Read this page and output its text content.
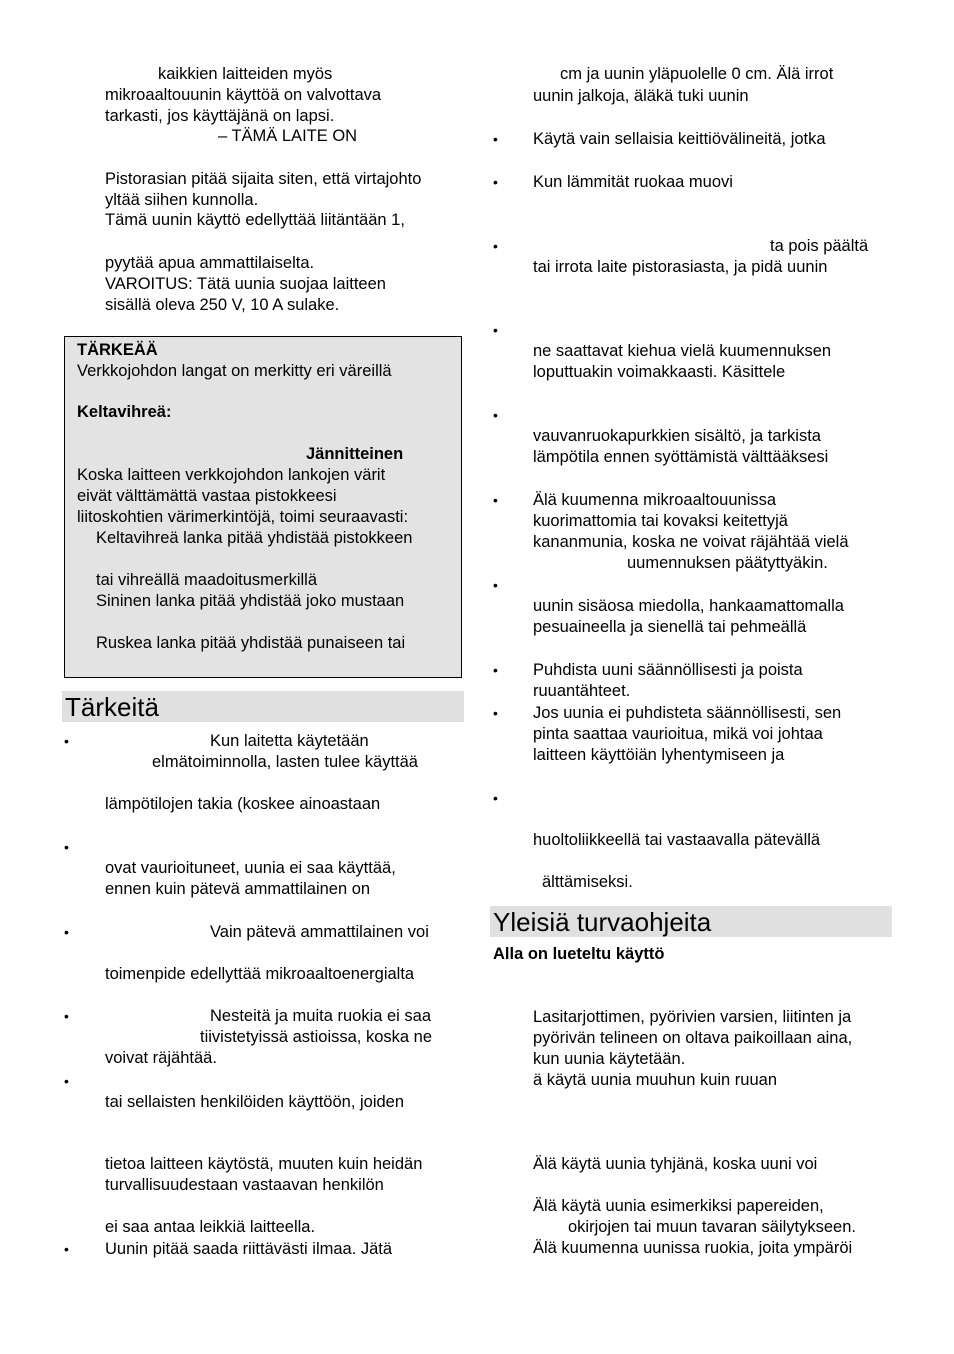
kaikkien laitteiden myös
mikroaaltouunin käyttöä on valvottava
tarkasti, jos käyttäjänä on lapsi.
– TÄMÄ LAITE ON
Pistorasian pitää sijaita siten, että virtajohto
yltää siihen kunnolla.
Tämä uunin käyttö edellyttää liitäntään 1,
pyytää apua ammattilaiselta.
VAROITUS: Tätä uunia suojaa laitteen
sisällä oleva 250 V, 10 A sulake.
TÄRKEÄÄ
Verkkojohdon langat on merkitty eri väreillä
Keltavihreä:
Jännitteinen
Koska laitteen verkkojohdon lankojen värit
eivät välttämättä vastaa pistokkeesi
liitoskohtien värimerkintöjä, toimi seuraavasti:
Keltavihreä lanka pitää yhdistää pistokkeen
tai vihreällä maadoitusmerkillä
Sininen lanka pitää yhdistää joko mustaan
Ruskea lanka pitää yhdistää punaiseen tai
Tärkeitä
•	Kun laitetta käytetään
elmätoiminnolla, lasten tulee käyttää
lämpötilojen takia (koskee ainoastaan
•
ovat vaurioituneet, uunia ei saa käyttää,
ennen kuin pätevä ammattilainen on
•	Vain pätevä ammattilainen voi
toimenpide edellyttää mikroaaltoenergialta
•	Nesteitä ja muita ruokia ei saa
tiivistetyissä astioissa, koska ne
voivat räjähtää.
•
tai sellaisten henkilöiden käyttöön, joiden
tietoa laitteen käytöstä, muuten kuin heidän
turvallisuudestaan vastaavan henkilön
ei saa antaa leikkiä laitteella.
• Uunin pitää saada riittävästi ilmaa. Jätä
cm ja uunin yläpuolelle 0 cm. Älä irrot
uunin jalkoja, äläkä tuki uunin
• Käytä vain sellaisia keittiövälineitä, jotka
• Kun lämmität ruokaa muovi
•	ta pois päältä
tai irrota laite pistorasiasta, ja pidä uunin
•
ne saattavat kiehua vielä kuumennuksen
loputtuakin voimakkaasti. Käsittele
•
vauvanruokapurkkien sisältö, ja tarkista
lämpötila ennen syöttämistä välttääksesi
• Älä kuumenna mikroaaltouunissa
kuorimattomia tai kovaksi keitettyjä
kananmunia, koska ne voivat räjähtää vielä
uumennuksen päätyttyäkin.
•
uunin sisäosa miedolla, hankaamattomalla
pesuaineella ja sienellä tai pehmeällä
• Puhdista uuni säännöllisesti ja poista
ruuantähteet.
• Jos uunia ei puhdisteta säännöllisesti, sen
pinta saattaa vaurioitua, mikä voi johtaa
laitteen käyttöiän lyhentymiseen ja
•
huoltoliikkeellä tai vastaavalla pätevällä
älttämiseksi.
Yleisiä turvaohjeita
Alla on lueteltu käyttö
Lasitarjottimen, pyörivien varsien, liitinten ja
pyörivän telineen on oltava paikoillaan aina,
kun uunia käytetään.
ä käytä uunia muuhun kuin ruuan
Älä käytä uunia tyhjänä, koska uuni voi
Älä käytä uunia esimerkiksi papereiden,
okirjojen tai muun tavaran säilytykseen.
Älä kuumenna uunissa ruokia, joita ympäröi
